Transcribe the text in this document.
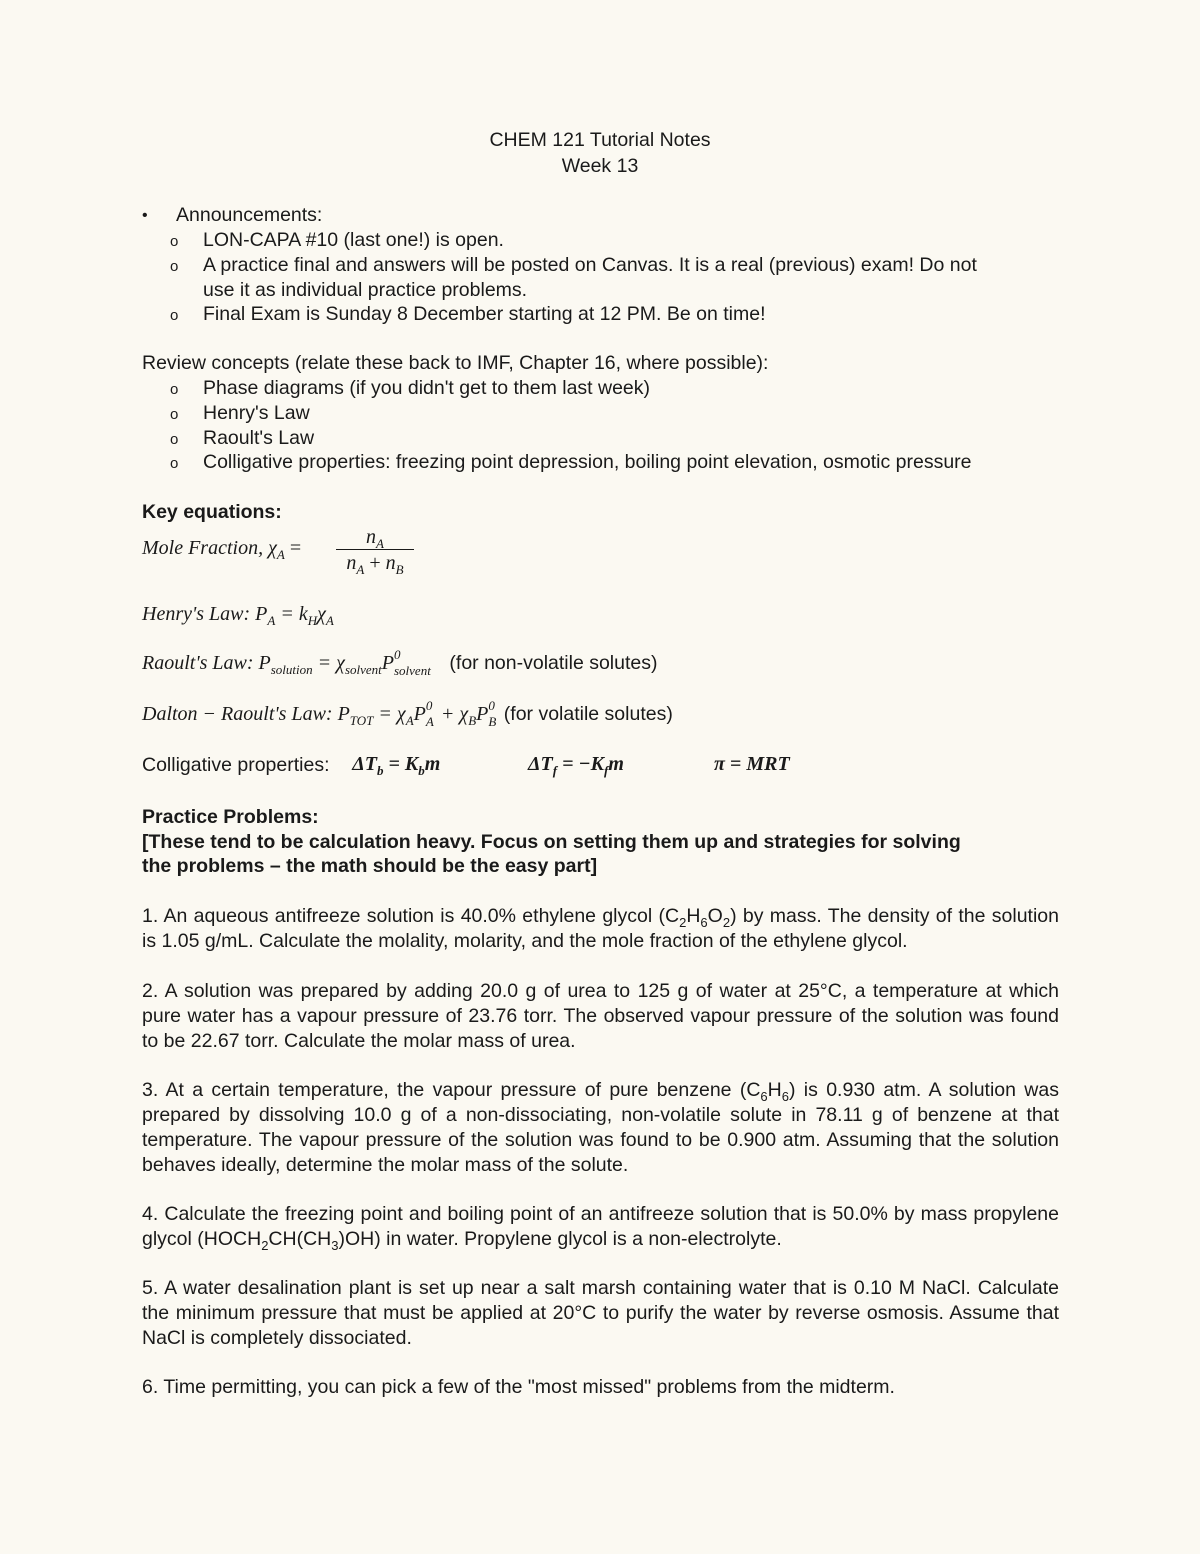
CHEM 121 Tutorial Notes
Week 13
• Announcements:
o LON-CAPA #10 (last one!) is open.
o A practice final and answers will be posted on Canvas. It is a real (previous) exam! Do not
use it as individual practice problems.
o Final Exam is Sunday 8 December starting at 12 PM. Be on time!
Review concepts (relate these back to IMF, Chapter 16, where possible):
o Phase diagrams (if you didn't get to them last week)
o Henry's Law
o Raoult's Law
o Colligative properties: freezing point depression, boiling point elevation, osmotic pressure
Key equations:
Mole Fraction, $\chi_A$ =	$n_A$
$n_A + n_B$
Henry's Law: $P_A = k_H\chi_A$
Raoult's Law: $P_{solution} = \chi_{solvent}P$ 0
solvent (for non-volatile solutes)
Dalton − Raoult's Law: $P_{TOT} = \chi_AP$ 0
$A + \chi_BP$ 0
B (for volatile solutes)
Colligative properties: $\Delta T_b = K_bm$	$\Delta T_f = -K_fm$	π = MRT
Practice Problems:
[These tend to be calculation heavy. Focus on setting them up and strategies for solving
the problems – the math should be the easy part]
1. An aqueous antifreeze solution is 40.0% ethylene glycol $(C_2H_6O_2)$ by mass. The density of the solution is 1.05 g/mL. Calculate the molality, molarity, and the mole fraction of the ethylene glycol.
2. A solution was prepared by adding 20.0 g of urea to 125 g of water at 25°C, a temperature at which pure water has a vapour pressure of 23.76 torr. The observed vapour pressure of the solution was found to be 22.67 torr. Calculate the molar mass of urea.
3. At a certain temperature, the vapour pressure of pure benzene $(C_6H_6)$ is 0.930 atm. A solution was prepared by dissolving 10.0 g of a non-dissociating, non-volatile solute in 78.11 g of benzene at that temperature. The vapour pressure of the solution was found to be 0.900 atm. Assuming that the solution behaves ideally, determine the molar mass of the solute.
4. Calculate the freezing point and boiling point of an antifreeze solution that is 50.0% by mass propylene glycol $(HOCH_2CH(CH_3)OH)$ in water. Propylene glycol is a non-electrolyte.
5. A water desalination plant is set up near a salt marsh containing water that is 0.10 M NaCl. Calculate the minimum pressure that must be applied at 20°C to purify the water by reverse osmosis. Assume that NaCl is completely dissociated.
6. Time permitting, you can pick a few of the "most missed" problems from the midterm.
